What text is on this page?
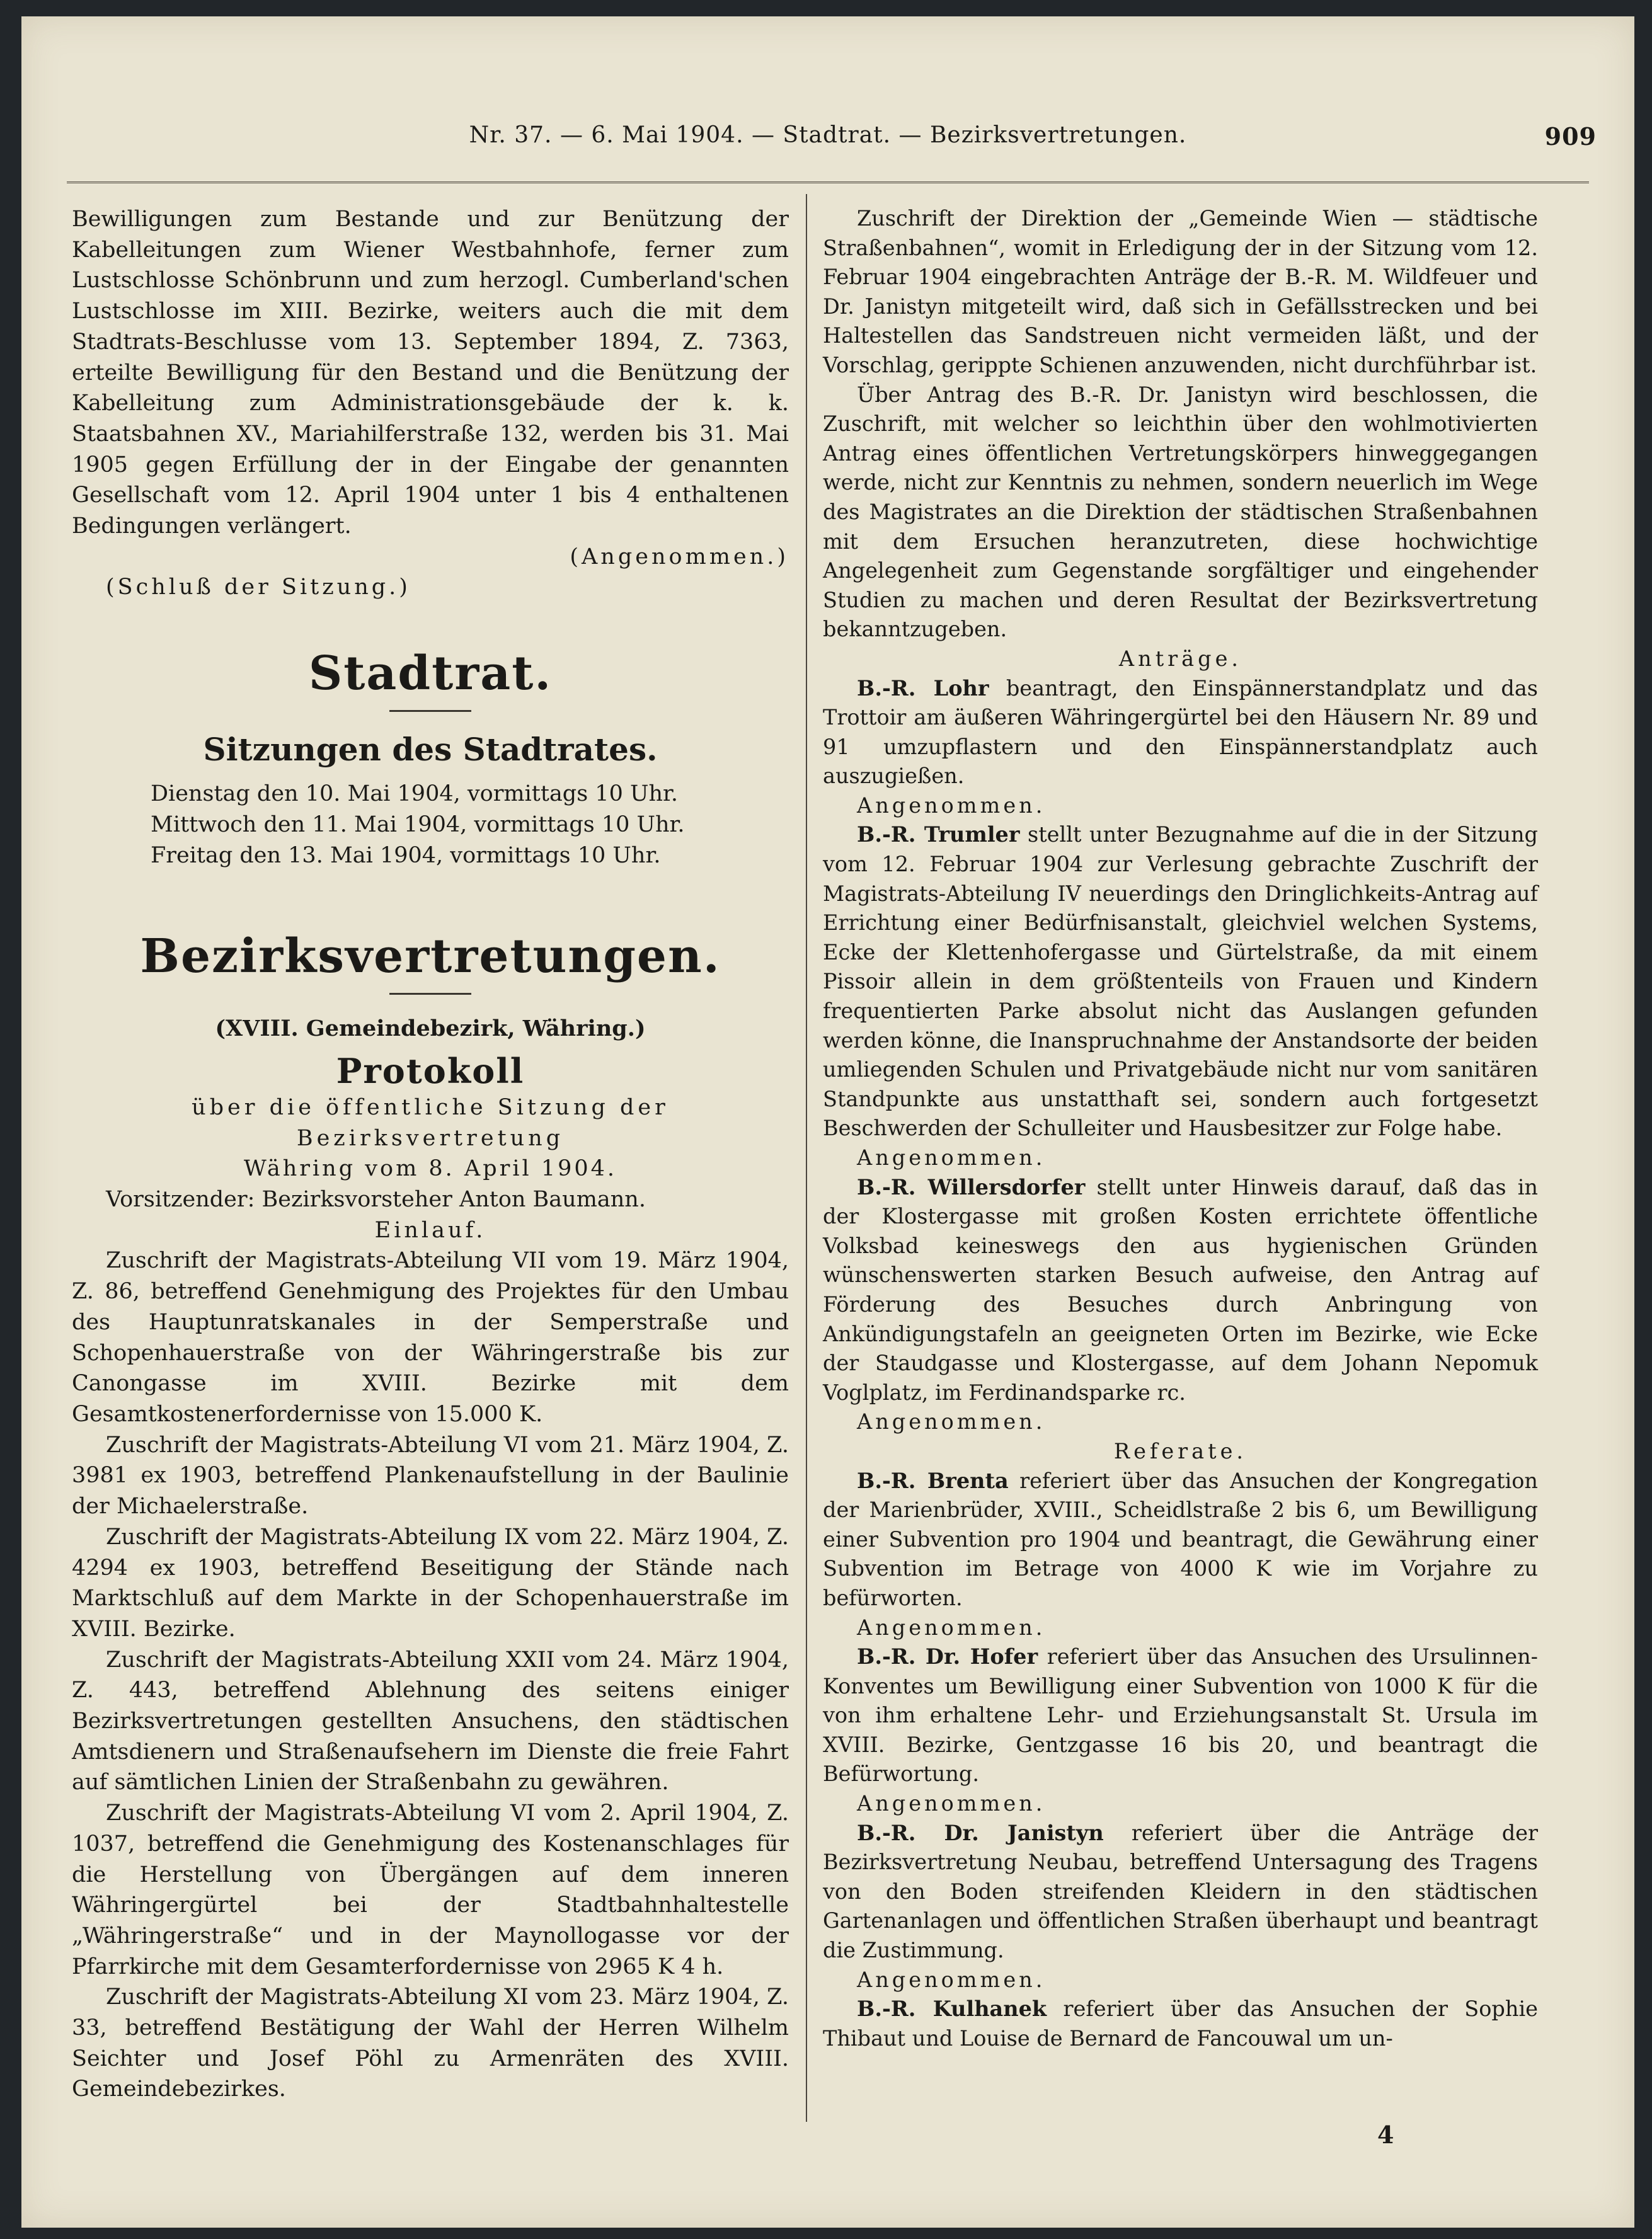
Nr. 37. — 6. Mai 1904. — Stadtrat. — Bezirksvertretungen.	909

Bewilligungen zum Bestande und zur Benützung der Kabelleitungen zum Wiener Westbahnhofe, ferner zum Lustschlosse Schönbrunn und zum herzogl. Cumberland'schen Lustschlosse im XIII. Bezirke, weiters auch die mit dem Stadtrats-Beschlusse vom 13. September 1894, Z. 7363, erteilte Bewilligung für den Bestand und die Benützung der Kabelleitung zum Administrationsgebäude der k. k. Staatsbahnen XV., Mariahilferstraße 132, werden bis 31. Mai 1905 gegen Erfüllung der in der Eingabe der genannten Gesellschaft vom 12. April 1904 unter 1 bis 4 enthaltenen Bedingungen verlängert.

(Angenommen.)

(Schluß der Sitzung.)

Stadtrat.
Sitzungen des Stadtrates.

Dienstag den 10. Mai 1904, vormittags 10 Uhr.

Mittwoch den 11. Mai 1904, vormittags 10 Uhr.

Freitag den 13. Mai 1904, vormittags 10 Uhr.

Bezirksvertretungen.

(XVIII. Gemeindebezirk, Währing.)

Protokoll

über die öffentliche Sitzung der Bezirksvertretung

Währing vom 8. April 1904.

Vorsitzender: Bezirksvorsteher Anton Baumann.

Einlauf.

Zuschrift der Magistrats-Abteilung VII vom 19. März 1904, Z. 86, betreffend Genehmigung des Projektes für den Umbau des Hauptunratskanales in der Semperstraße und Schopenhauerstraße von der Währingerstraße bis zur Canongasse im XVIII. Bezirke mit dem Gesamtkostenerfordernisse von 15.000 K.

Zuschrift der Magistrats-Abteilung VI vom 21. März 1904, Z. 3981 ex 1903, betreffend Plankenaufstellung in der Baulinie der Michaelerstraße.

Zuschrift der Magistrats-Abteilung IX vom 22. März 1904, Z. 4294 ex 1903, betreffend Beseitigung der Stände nach Marktschluß auf dem Markte in der Schopenhauerstraße im XVIII. Bezirke.

Zuschrift der Magistrats-Abteilung XXII vom 24. März 1904, Z. 443, betreffend Ablehnung des seitens einiger Bezirksvertretungen gestellten Ansuchens, den städtischen Amtsdienern und Straßenaufsehern im Dienste die freie Fahrt auf sämtlichen Linien der Straßenbahn zu gewähren.

Zuschrift der Magistrats-Abteilung VI vom 2. April 1904, Z. 1037, betreffend die Genehmigung des Kostenanschlages für die Herstellung von Übergängen auf dem inneren Währingergürtel bei der Stadtbahnhaltestelle „Währingerstraße“ und in der Maynollogasse vor der Pfarrkirche mit dem Gesamterfordernisse von 2965 K 4 h.

Zuschrift der Magistrats-Abteilung XI vom 23. März 1904, Z. 33, betreffend Bestätigung der Wahl der Herren Wilhelm Seichter und Josef Pöhl zu Armenräten des XVIII. Gemeindebezirkes.

Zuschrift der Direktion der „Gemeinde Wien — städtische Straßenbahnen“, womit in Erledigung der in der Sitzung vom 12. Februar 1904 eingebrachten Anträge der B.-R. M. Wildfeuer und Dr. Janistyn mitgeteilt wird, daß sich in Gefällsstrecken und bei Haltestellen das Sandstreuen nicht vermeiden läßt, und der Vorschlag, gerippte Schienen anzuwenden, nicht durchführbar ist.

Über Antrag des B.-R. Dr. Janistyn wird beschlossen, die Zuschrift, mit welcher so leichthin über den wohlmotivierten Antrag eines öffentlichen Vertretungskörpers hinweggegangen werde, nicht zur Kenntnis zu nehmen, sondern neuerlich im Wege des Magistrates an die Direktion der städtischen Straßenbahnen mit dem Ersuchen heranzutreten, diese hochwichtige Angelegenheit zum Gegenstande sorgfältiger und eingehender Studien zu machen und deren Resultat der Bezirksvertretung bekanntzugeben.

Anträge.

B.-R. Lohr beantragt, den Einspännerstandplatz und das Trottoir am äußeren Währingergürtel bei den Häusern Nr. 89 und 91 umzupflastern und den Einspännerstandplatz auch auszugießen.

Angenommen.

B.-R. Trumler stellt unter Bezugnahme auf die in der Sitzung vom 12. Februar 1904 zur Verlesung gebrachte Zuschrift der Magistrats-Abteilung IV neuerdings den Dringlichkeits-Antrag auf Errichtung einer Bedürfnisanstalt, gleichviel welchen Systems, Ecke der Klettenhofergasse und Gürtelstraße, da mit einem Pissoir allein in dem größtenteils von Frauen und Kindern frequentierten Parke absolut nicht das Auslangen gefunden werden könne, die Inanspruchnahme der Anstandsorte der beiden umliegenden Schulen und Privatgebäude nicht nur vom sanitären Standpunkte aus unstatthaft sei, sondern auch fortgesetzt Beschwerden der Schulleiter und Hausbesitzer zur Folge habe.

Angenommen.

B.-R. Willersdorfer stellt unter Hinweis darauf, daß das in der Klostergasse mit großen Kosten errichtete öffentliche Volksbad keineswegs den aus hygienischen Gründen wünschenswerten starken Besuch aufweise, den Antrag auf Förderung des Besuches durch Anbringung von Ankündigungstafeln an geeigneten Orten im Bezirke, wie Ecke der Staudgasse und Klostergasse, auf dem Johann Nepomuk Voglplatz, im Ferdinandsparke rc.

Angenommen.

Referate.

B.-R. Brenta referiert über das Ansuchen der Kongregation der Marienbrüder, XVIII., Scheidlstraße 2 bis 6, um Bewilligung einer Subvention pro 1904 und beantragt, die Gewährung einer Subvention im Betrage von 4000 K wie im Vorjahre zu befürworten.

Angenommen.

B.-R. Dr. Hofer referiert über das Ansuchen des Ursulinnen-Konventes um Bewilligung einer Subvention von 1000 K für die von ihm erhaltene Lehr- und Erziehungsanstalt St. Ursula im XVIII. Bezirke, Gentzgasse 16 bis 20, und beantragt die Befürwortung.

Angenommen.

B.-R. Dr. Janistyn referiert über die Anträge der Bezirksvertretung Neubau, betreffend Untersagung des Tragens von den Boden streifenden Kleidern in den städtischen Gartenanlagen und öffentlichen Straßen überhaupt und beantragt die Zustimmung.

Angenommen.

B.-R. Kulhanek referiert über das Ansuchen der Sophie Thibaut und Louise de Bernard de Fancouwal um un-

4
